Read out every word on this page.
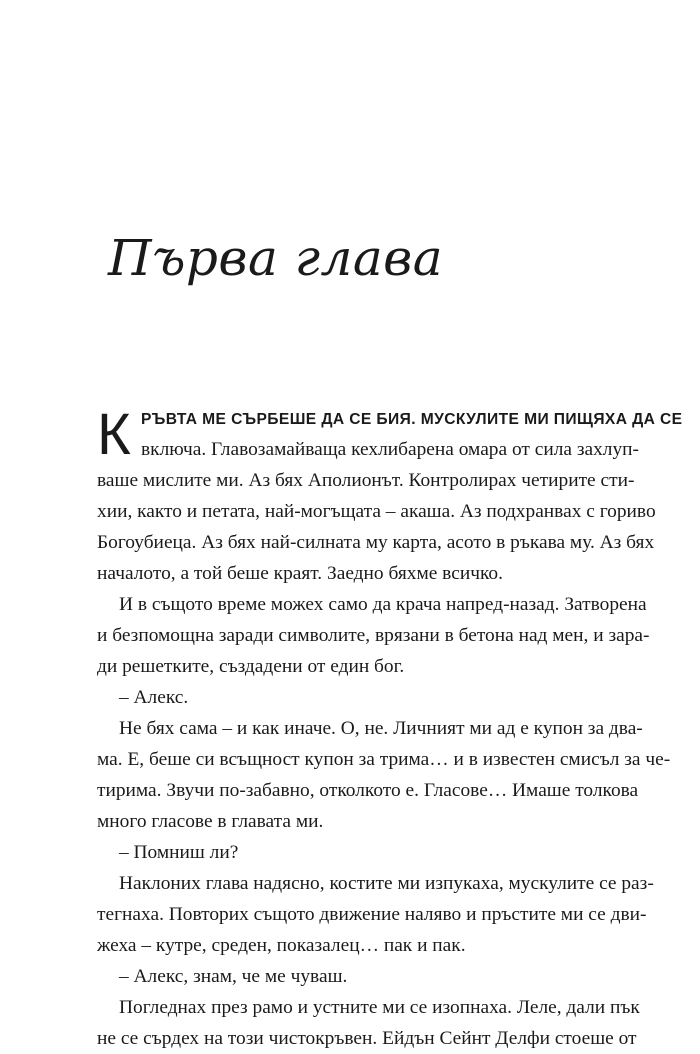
Първа глава
К РЪВТА МЕ СЪРБЕШЕ ДА СЕ БИЯ. МУСКУЛИТЕ МИ ПИЩЯХА ДА СЕ
включа. Главозамайваща кехлибарена омара от сила захлуп-
ваше мислите ми. Аз бях Аполионът. Контролирах четирите сти-
хии, както и петата, най-могъщата – акаша. Аз подхранвах с гориво
Богоубиеца. Аз бях най-силната му карта, асото в ръкава му. Аз бях
началото, а той беше краят. Заедно бяхме всичко.
И в същото време можех само да крача напред-назад. Затворена
и безпомощна заради символите, врязани в бетона над мен, и зара-
ди решетките, създадени от един бог.
– Алекс.
Не бях сама – и как иначе. О, не. Личният ми ад е купон за два-
ма. Е, беше си всъщност купон за трима… и в известен смисъл за че-
тирима. Звучи по-забавно, отколкото е. Гласове… Имаше толкова
много гласове в главата ми.
– Помниш ли?
Наклоних глава надясно, костите ми изпукаха, мускулите се раз-
тегнаха. Повторих същото движение наляво и пръстите ми се дви-
жеха – кутре, среден, показалец… пак и пак.
– Алекс, знам, че ме чуваш.
Погледнах през рамо и устните ми се изопнаха. Леле, дали пък
не се сърдех на този чистокръвен. Ейдън Сейнт Делфи стоеше от
